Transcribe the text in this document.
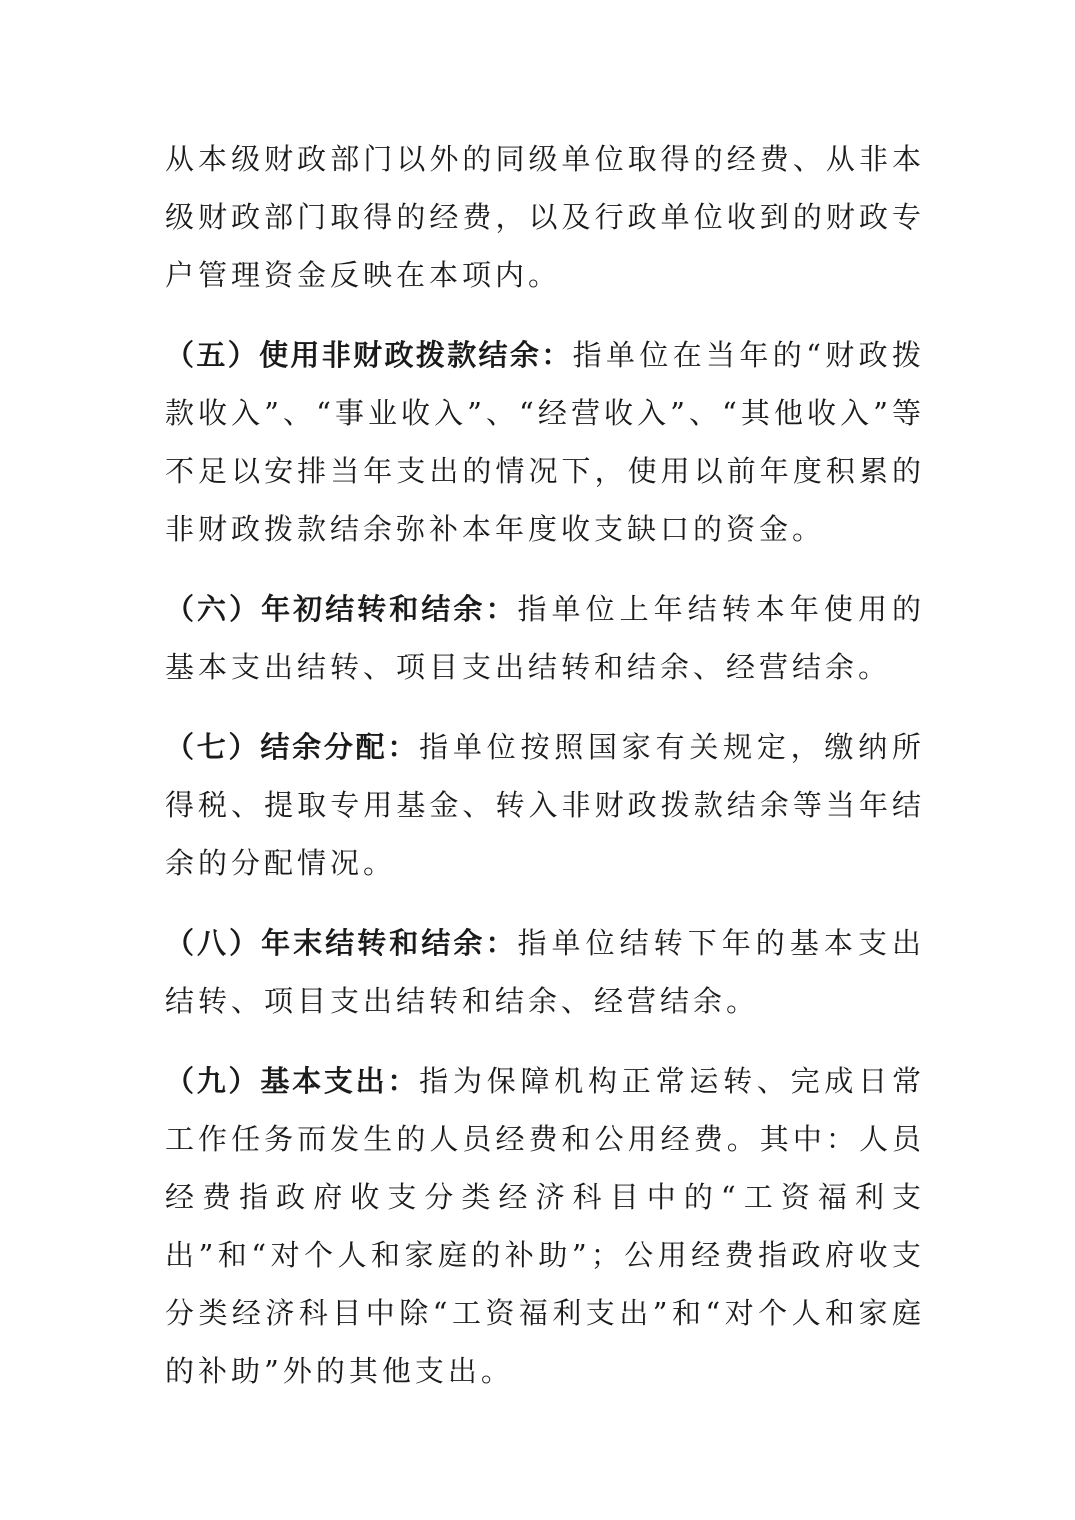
从本级财政部门以外的同级单位取得的经费、从非本级财政部门取得的经费，以及行政单位收到的财政专户管理资金反映在本项内。

（五）使用非财政拨款结余：指单位在当年的“财政拨款收入”、“事业收入”、“经营收入”、“其他收入”等不足以安排当年支出的情况下，使用以前年度积累的非财政拨款结余弥补本年度收支缺口的资金。

（六）年初结转和结余：指单位上年结转本年使用的基本支出结转、项目支出结转和结余、经营结余。

（七）结余分配：指单位按照国家有关规定，缴纳所得税、提取专用基金、转入非财政拨款结余等当年结余的分配情况。

（八）年末结转和结余：指单位结转下年的基本支出结转、项目支出结转和结余、经营结余。

（九）基本支出：指为保障机构正常运转、完成日常工作任务而发生的人员经费和公用经费。其中：人员经费指政府收支分类经济科目中的“工资福利支出”和“对个人和家庭的补助”；公用经费指政府收支分类经济科目中除“工资福利支出”和“对个人和家庭的补助”外的其他支出。
